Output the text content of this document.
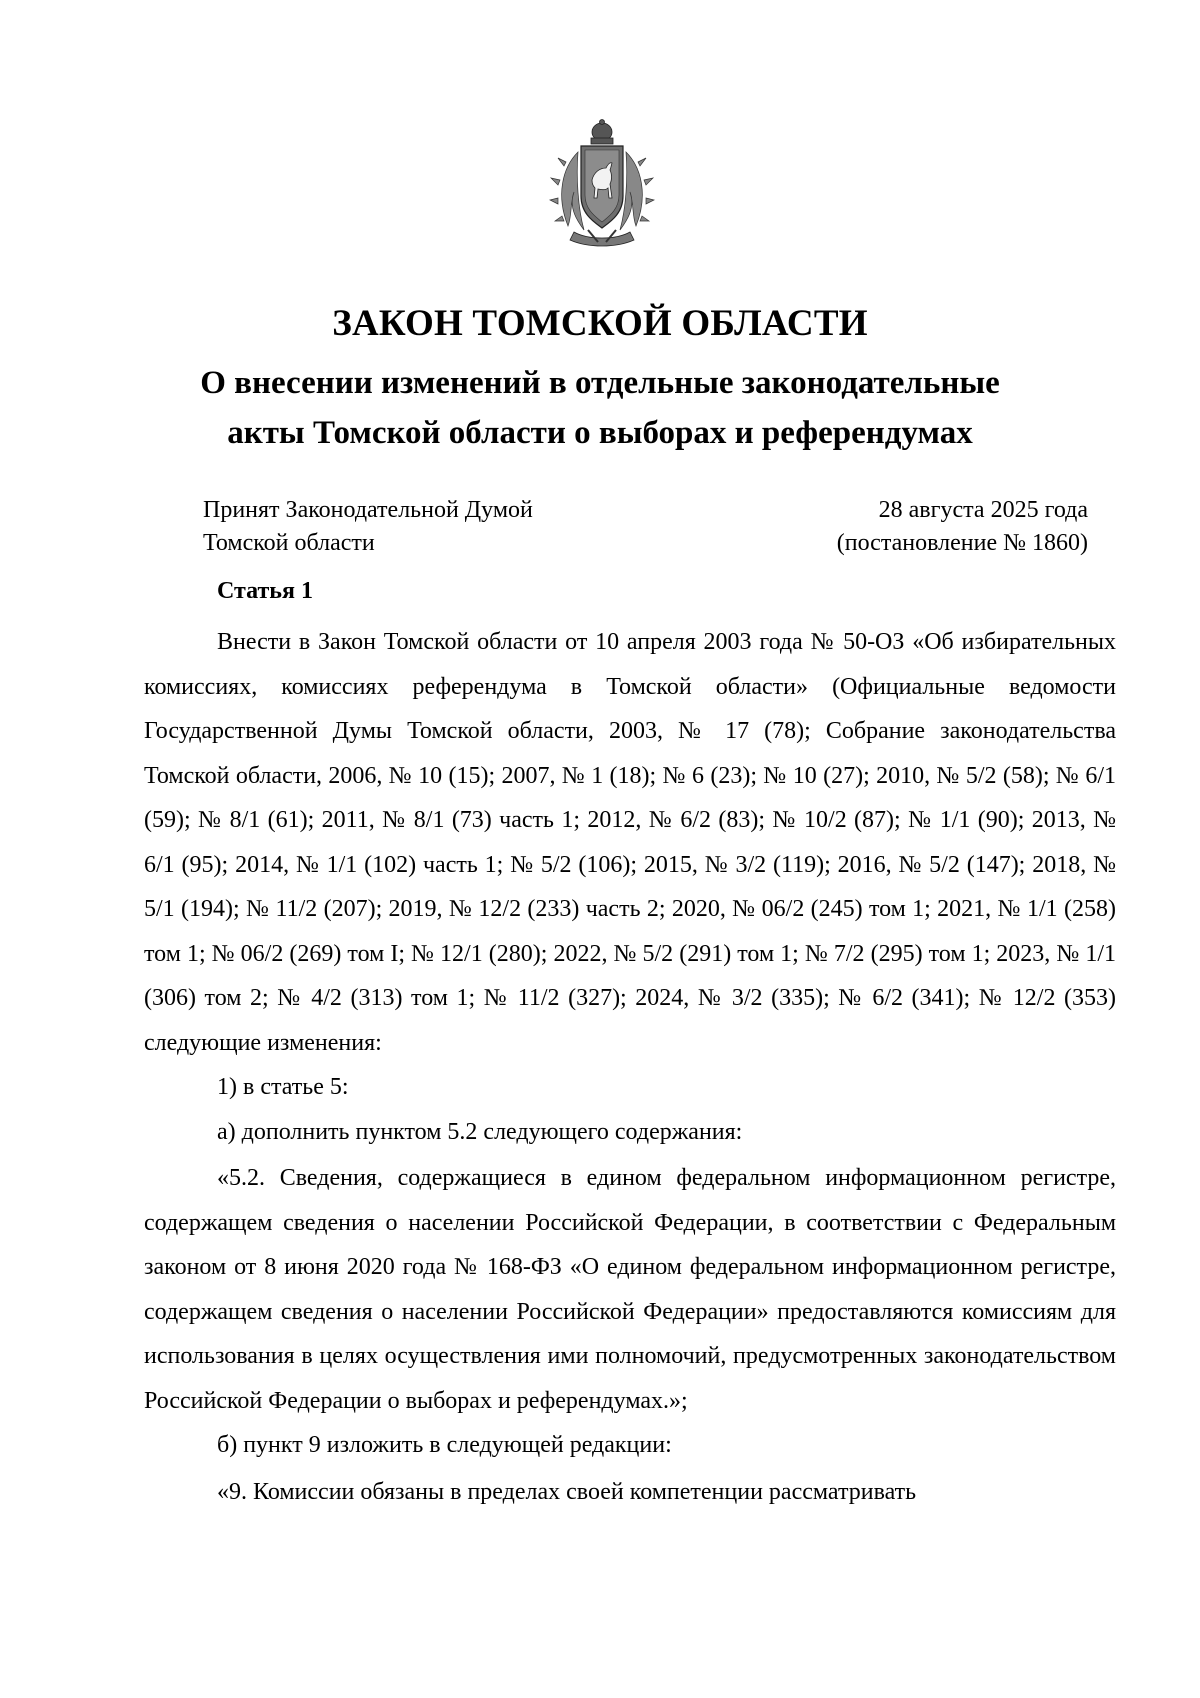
ЗАКОН ТОМСКОЙ ОБЛАСТИ
О внесении изменений в отдельные законодательные
акты Томской области о выборах и референдумах
Принят Законодательной Думой
Томской области
28 августа 2025 года
(постановление № 1860)
Статья 1

Внести в Закон Томской области от 10 апреля 2003 года № 50-ОЗ «Об избирательных комиссиях, комиссиях референдума в Томской области» (Официальные ведомости Государственной Думы Томской области, 2003, № 17 (78); Собрание законодательства Томской области, 2006, № 10 (15); 2007, № 1 (18); № 6 (23); № 10 (27); 2010, № 5/2 (58); № 6/1 (59); № 8/1 (61); 2011, № 8/1 (73) часть 1; 2012, № 6/2 (83); № 10/2 (87); № 1/1 (90); 2013, № 6/1 (95); 2014, № 1/1 (102) часть 1; № 5/2 (106); 2015, № 3/2 (119); 2016, № 5/2 (147); 2018, № 5/1 (194); № 11/2 (207); 2019, № 12/2 (233) часть 2; 2020, № 06/2 (245) том 1; 2021, № 1/1 (258) том 1; № 06/2 (269) том I; № 12/1 (280); 2022, № 5/2 (291) том 1; № 7/2 (295) том 1; 2023, № 1/1 (306) том 2; № 4/2 (313) том 1; № 11/2 (327); 2024, № 3/2 (335); № 6/2 (341); № 12/2 (353) следующие изменения:

1) в статье 5:

а) дополнить пунктом 5.2 следующего содержания:

«5.2. Сведения, содержащиеся в едином федеральном информационном регистре, содержащем сведения о населении Российской Федерации, в соответствии с Федеральным законом от 8 июня 2020 года № 168-ФЗ «О едином федеральном информационном регистре, содержащем сведения о населении Российской Федерации» предоставляются комиссиям для использования в целях осуществления ими полномочий, предусмотренных законодательством Российской Федерации о выборах и референдумах.»;

б) пункт 9 изложить в следующей редакции:

«9. Комиссии обязаны в пределах своей компетенции рассматривать
